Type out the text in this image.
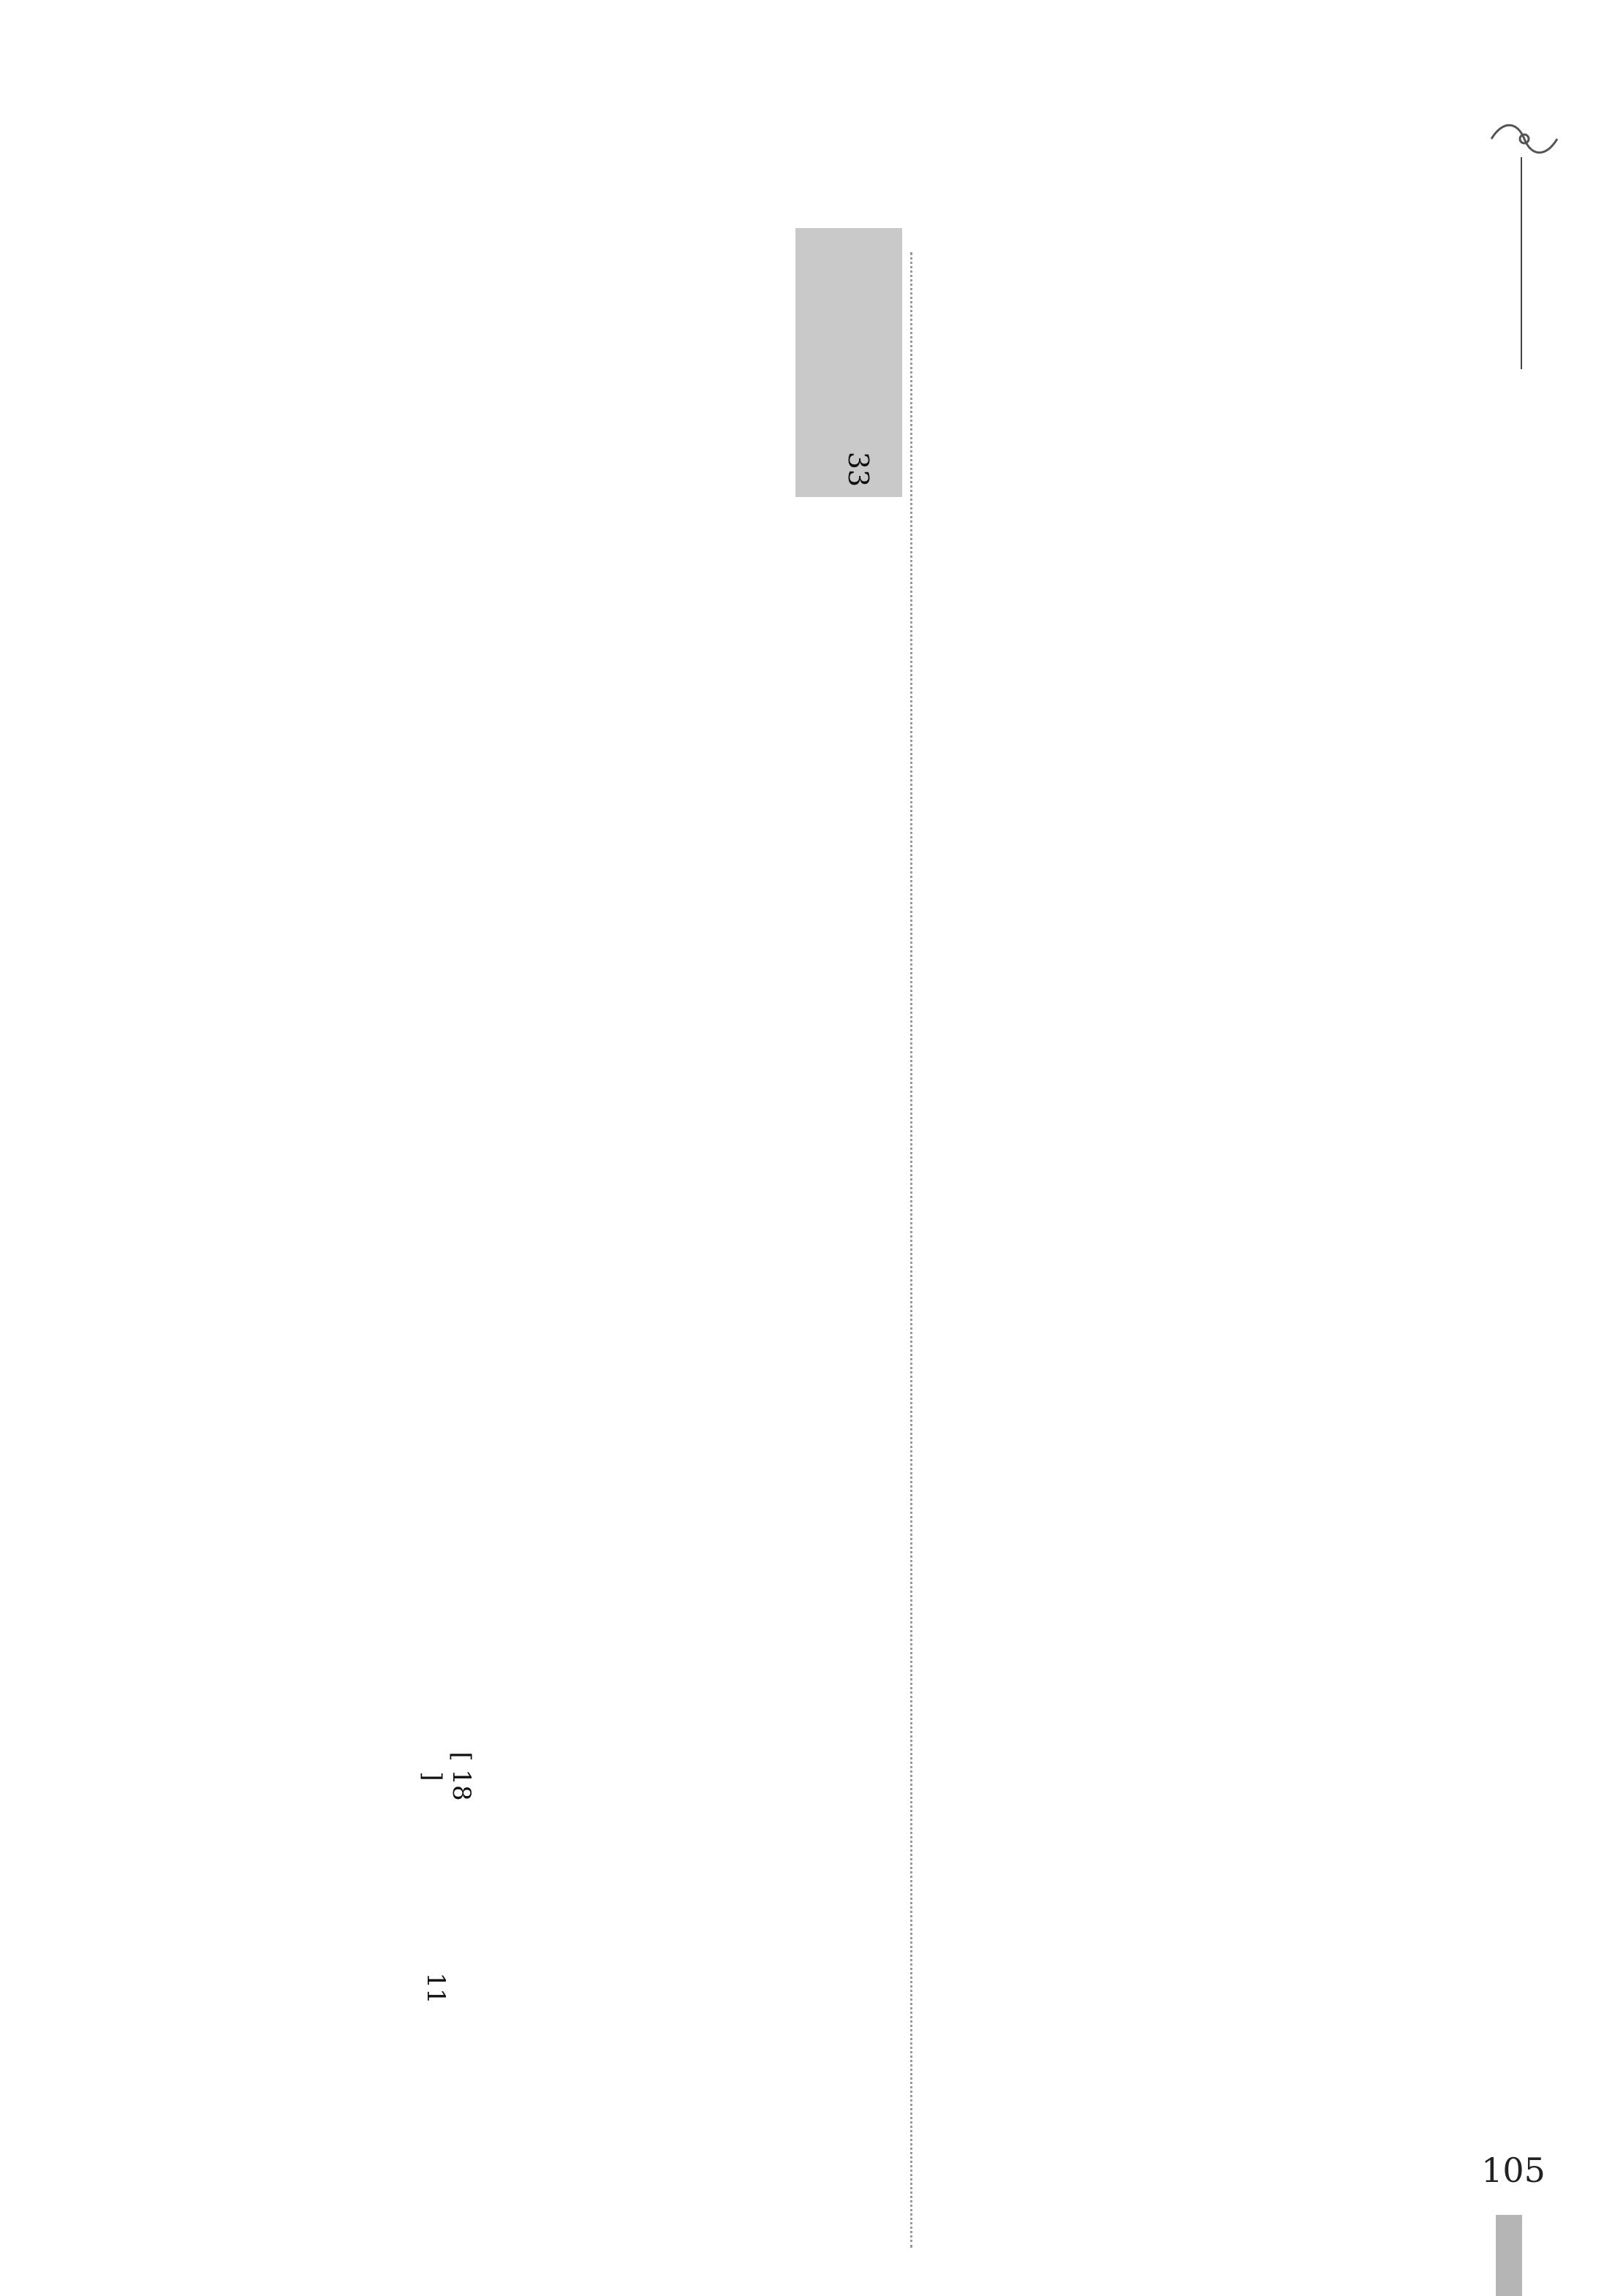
33
[ 18 ]
11
105
